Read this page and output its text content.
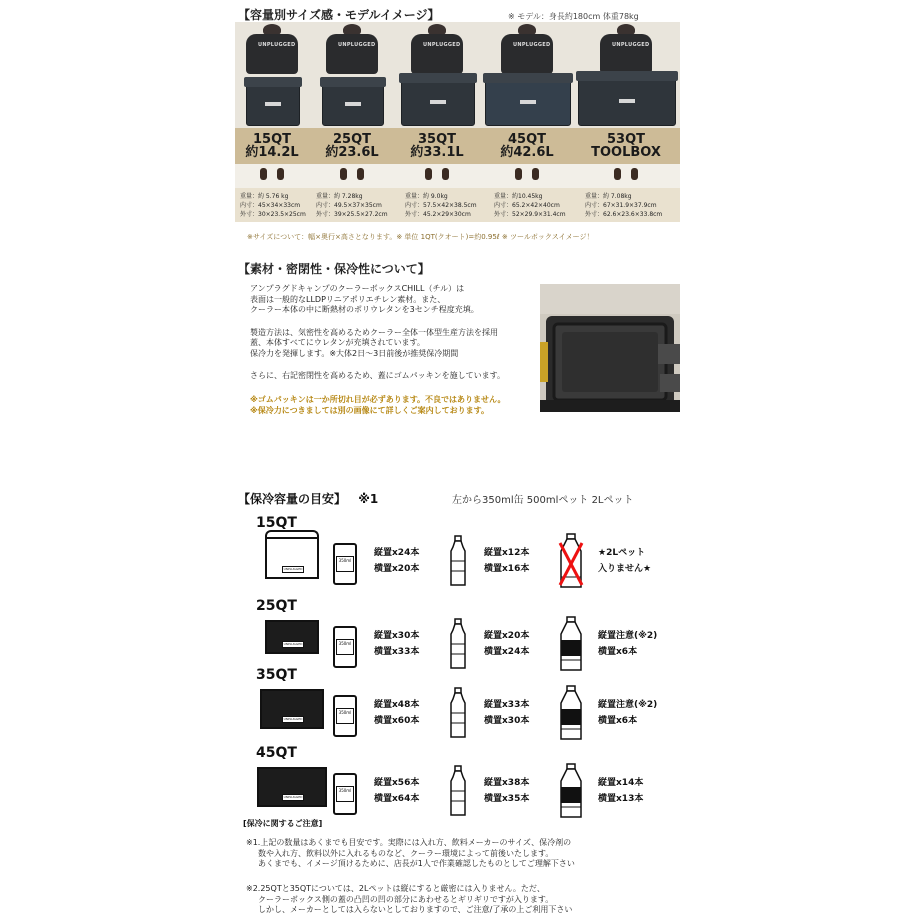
【容量別サイズ感・モデルイメージ】	※ モデル：身長約180cm 体重78kg
UNPLUGGED	UNPLUGGED	UNPLUGGED	UNPLUGGED	UNPLUGGED
15QT
約14.2L
25QT
約23.6L
35QT
約33.1L
45QT
約42.6L
53QT
TOOLBOX
重量：約 5.76 kg
内寸：45×34×33cm
外寸：30×23.5×25cm
重量：約 7.28kg
内寸：49.5×37×35cm
外寸：39×25.5×27.2cm
重量：約 9.0kg
内寸：57.5×42×38.5cm
外寸：45.2×29×30cm
重量：約10.45kg
内寸：65.2×42×40cm
外寸：52×29.9×31.4cm
重量：約 7.08kg
内寸：67×31.9×37.9cm
外寸：62.6×23.6×33.8cm
※サイズについて：幅×奥行×高さとなります。※ 単位 1QT(クオート)=約0.95ℓ ※ ツールボックスイメージ！
【素材・密閉性・保冷性について】
アンプラグドキャンプのクーラーボックスCHILL（チル）は
表面は一般的なLLDPリニアポリエチレン素材。また、
クーラー本体の中に断熱材のポリウレタンを3センチ程度充填。
製造方法は、気密性を高めるためクーラー全体一体型生産方法を採用
蓋、本体すべてにウレタンが充填されています。
保冷力を発揮します。※大体2日〜3日前後が推奨保冷期間
さらに、右記密閉性を高めるため、蓋にゴムパッキンを施しています。
※ゴムパッキンは一か所切れ目が必ずあります。不良ではありません。
※保冷力につきましては別の画像にて詳しくご案内しております。
【保冷容量の目安】 ※1	左から350ml缶 500mlペット 2Lペット
15QT
UNPLUGGED
350ml
縦置x24本
横置x20本
縦置x12本
横置x16本
★2Lペット
入りません★
25QT
UNPLUGGED	350ml
縦置x30本
横置x33本
縦置x20本
横置x24本
縦置注意(※2)
横置x6本
35QT
UNPLUGGED
350ml
縦置x48本
横置x60本
縦置x33本
横置x30本
縦置注意(※2)
横置x6本
45QT
UNPLUGGED
350ml
縦置x56本
横置x64本
縦置x38本
横置x35本
縦置x14本
横置x13本
[保冷に関するご注意]
※1.上記の数量はあくまでも目安です。実際には入れ方、飲料メーカーのサイズ、保冷剤の
数や入れ方、飲料以外に入れるものなど、クーラー環境によって前後いたします。
あくまでも、イメージ頂けるために、店長が1人で作業確認したものとしてご理解下さい
※2.25QTと35QTについては、2Lペットは縦にすると厳密には入りません。ただ、
クーラーボックス側の蓋の凸凹の凹の部分にあわせるとギリギリですが入ります。
しかし、メーカーとしては入らないとしておりますので、ご注意/了承の上ご利用下さい
